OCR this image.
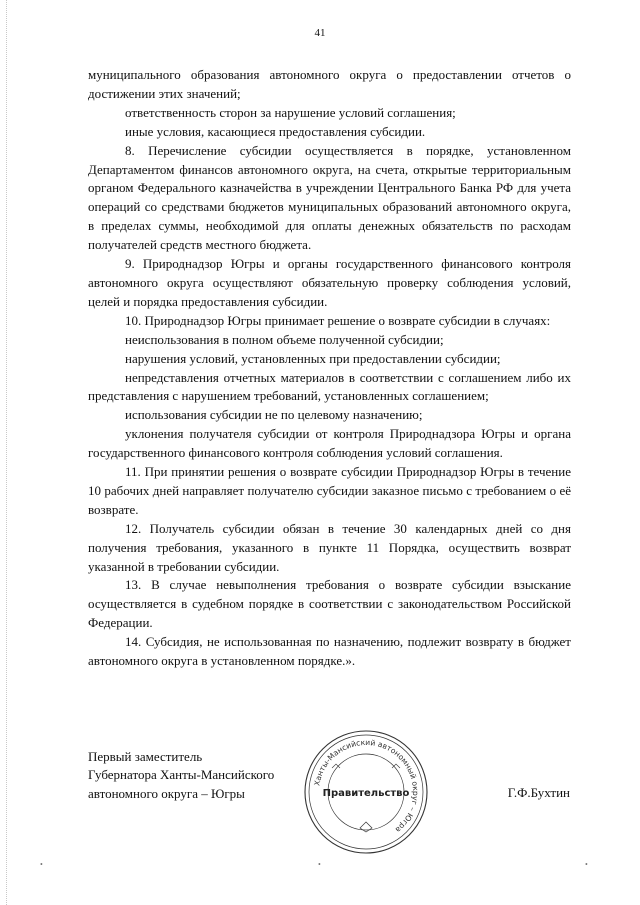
41

муниципального образования автономного округа о предоставлении отчетов о достижении этих значений;

ответственность сторон за нарушение условий соглашения;

иные условия, касающиеся предоставления субсидии.

8. Перечисление субсидии осуществляется в порядке, установленном Департаментом финансов автономного округа, на счета, открытые территориальным органом Федерального казначейства в учреждении Центрального Банка РФ для учета операций со средствами бюджетов муниципальных образований автономного округа, в пределах суммы, необходимой для оплаты денежных обязательств по расходам получателей средств местного бюджета.

9. Природнадзор Югры и органы государственного финансового контроля автономного округа осуществляют обязательную проверку соблюдения условий, целей и порядка предоставления субсидии.

10. Природнадзор Югры принимает решение о возврате субсидии в случаях:

неиспользования в полном объеме полученной субсидии;

нарушения условий, установленных при предоставлении субсидии;

непредставления отчетных материалов в соответствии с соглашением либо их представления с нарушением требований, установленных соглашением;

использования субсидии не по целевому назначению;

уклонения получателя субсидии от контроля Природнадзора Югры и органа государственного финансового контроля соблюдения условий соглашения.

11. При принятии решения о возврате субсидии Природнадзор Югры в течение 10 рабочих дней направляет получателю субсидии заказное письмо с требованием о её возврате.

12. Получатель субсидии обязан в течение 30 календарных дней со дня получения требования, указанного в пункте 11 Порядка, осуществить возврат указанной в требовании субсидии.

13. В случае невыполнения требования о возврате субсидии взыскание осуществляется в судебном порядке в соответствии с законодательством Российской Федерации.

14. Субсидия, не использованная по назначению, подлежит возврату в бюджет автономного округа в установленном порядке.».

Первый заместитель
Губернатора Ханты-Мансийского
автономного округа – Югры	Г.Ф.Бухтин
Ханты-Мансийский автономный округ – Югра
Правительство
•	•	•
